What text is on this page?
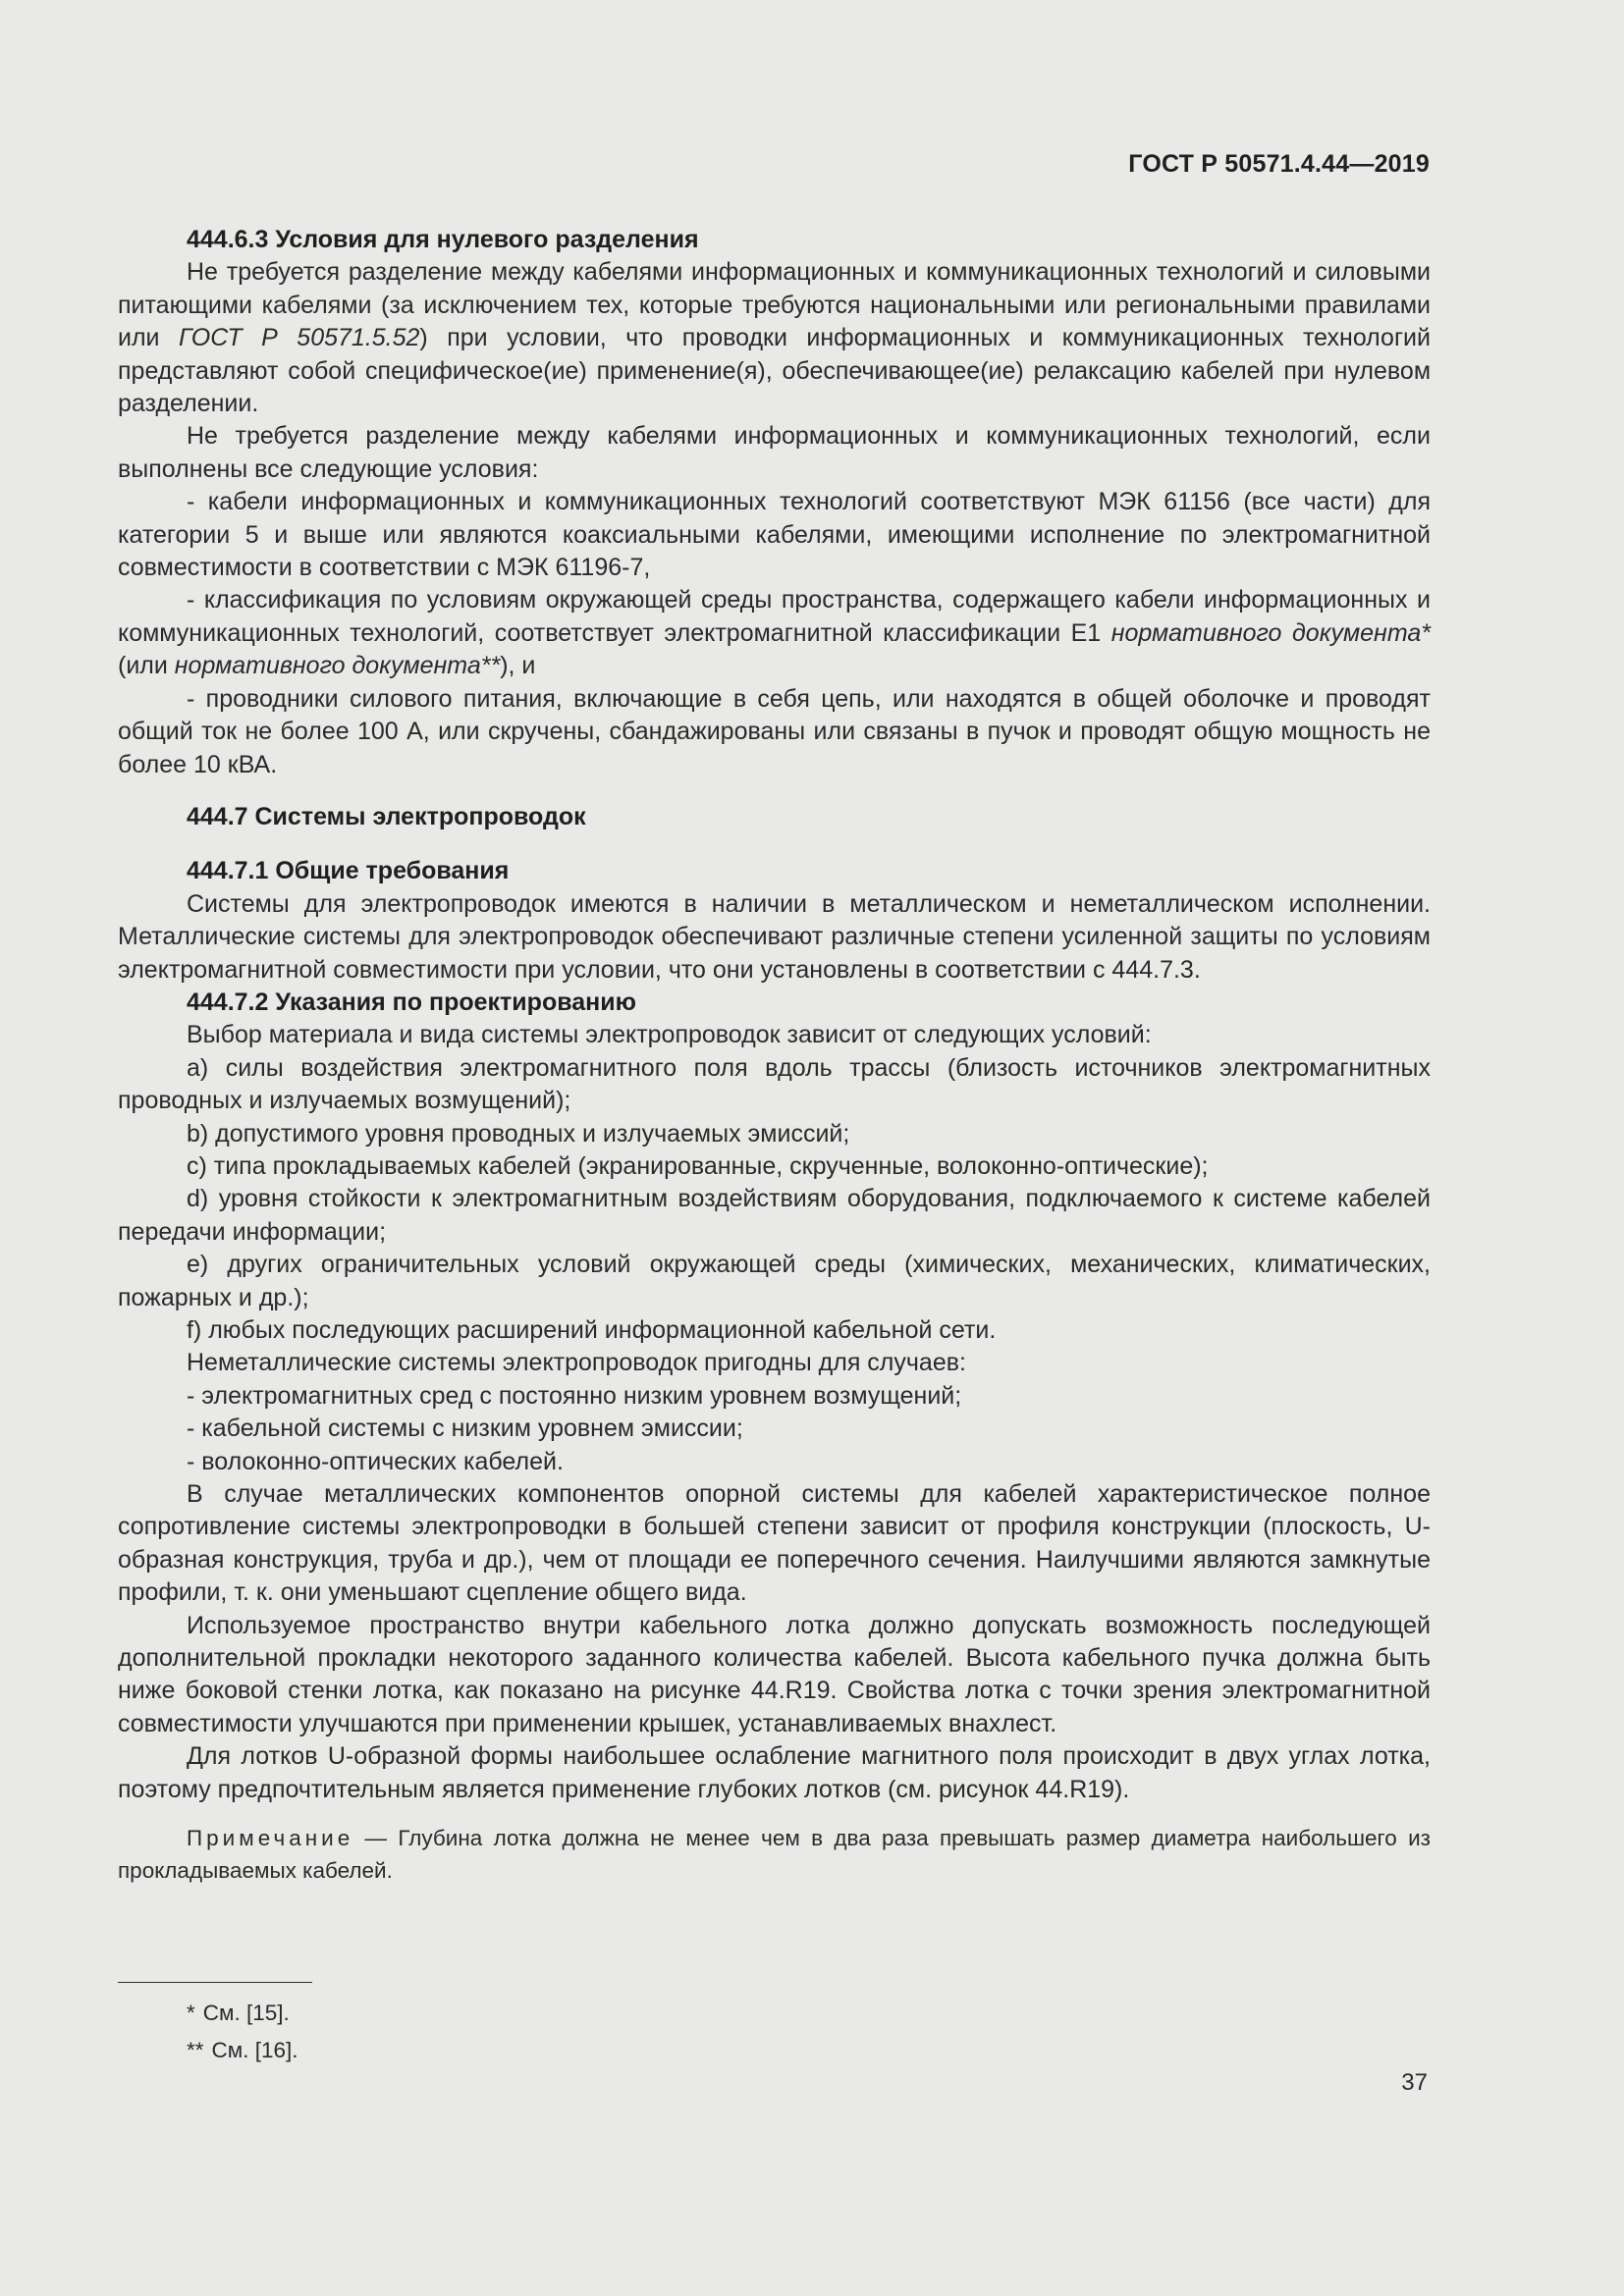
ГОСТ Р 50571.4.44—2019

444.6.3 Условия для нулевого разделения

Не требуется разделение между кабелями информационных и коммуникационных технологий и силовыми питающими кабелями (за исключением тех, которые требуются национальными или региональными правилами или ГОСТ Р 50571.5.52) при условии, что проводки информационных и коммуникационных технологий представляют собой специфическое(ие) применение(я), обеспечивающее(ие) релаксацию кабелей при нулевом разделении.

Не требуется разделение между кабелями информационных и коммуникационных технологий, если выполнены все следующие условия:

- кабели информационных и коммуникационных технологий соответствуют МЭК 61156 (все части) для категории 5 и выше или являются коаксиальными кабелями, имеющими исполнение по электромагнитной совместимости в соответствии с МЭК 61196-7,

- классификация по условиям окружающей среды пространства, содержащего кабели информационных и коммуникационных технологий, соответствует электромагнитной классификации E1 нормативного документа* (или нормативного документа**), и

- проводники силового питания, включающие в себя цепь, или находятся в общей оболочке и проводят общий ток не более 100 А, или скручены, сбандажированы или связаны в пучок и проводят общую мощность не более 10 кВА.

444.7 Системы электропроводок

444.7.1 Общие требования

Системы для электропроводок имеются в наличии в металлическом и неметаллическом исполнении. Металлические системы для электропроводок обеспечивают различные степени усиленной защиты по условиям электромагнитной совместимости при условии, что они установлены в соответствии с 444.7.3.

444.7.2 Указания по проектированию

Выбор материала и вида системы электропроводок зависит от следующих условий:

a) силы воздействия электромагнитного поля вдоль трассы (близость источников электромагнитных проводных и излучаемых возмущений);

b) допустимого уровня проводных и излучаемых эмиссий;

c) типа прокладываемых кабелей (экранированные, скрученные, волоконно-оптические);

d) уровня стойкости к электромагнитным воздействиям оборудования, подключаемого к системе кабелей передачи информации;

e) других ограничительных условий окружающей среды (химических, механических, климатических, пожарных и др.);

f) любых последующих расширений информационной кабельной сети.

Неметаллические системы электропроводок пригодны для случаев:

- электромагнитных сред с постоянно низким уровнем возмущений;

- кабельной системы с низким уровнем эмиссии;

- волоконно-оптических кабелей.

В случае металлических компонентов опорной системы для кабелей характеристическое полное сопротивление системы электропроводки в большей степени зависит от профиля конструкции (плоскость, U-образная конструкция, труба и др.), чем от площади ее поперечного сечения. Наилучшими являются замкнутые профили, т. к. они уменьшают сцепление общего вида.

Используемое пространство внутри кабельного лотка должно допускать возможность последующей дополнительной прокладки некоторого заданного количества кабелей. Высота кабельного пучка должна быть ниже боковой стенки лотка, как показано на рисунке 44.R19. Свойства лотка с точки зрения электромагнитной совместимости улучшаются при применении крышек, устанавливаемых внахлест.

Для лотков U-образной формы наибольшее ослабление магнитного поля происходит в двух углах лотка, поэтому предпочтительным является применение глубоких лотков (см. рисунок 44.R19).

Примечание — Глубина лотка должна не менее чем в два раза превышать размер диаметра наибольшего из прокладываемых кабелей.

* См. [15].

** См. [16].

37
